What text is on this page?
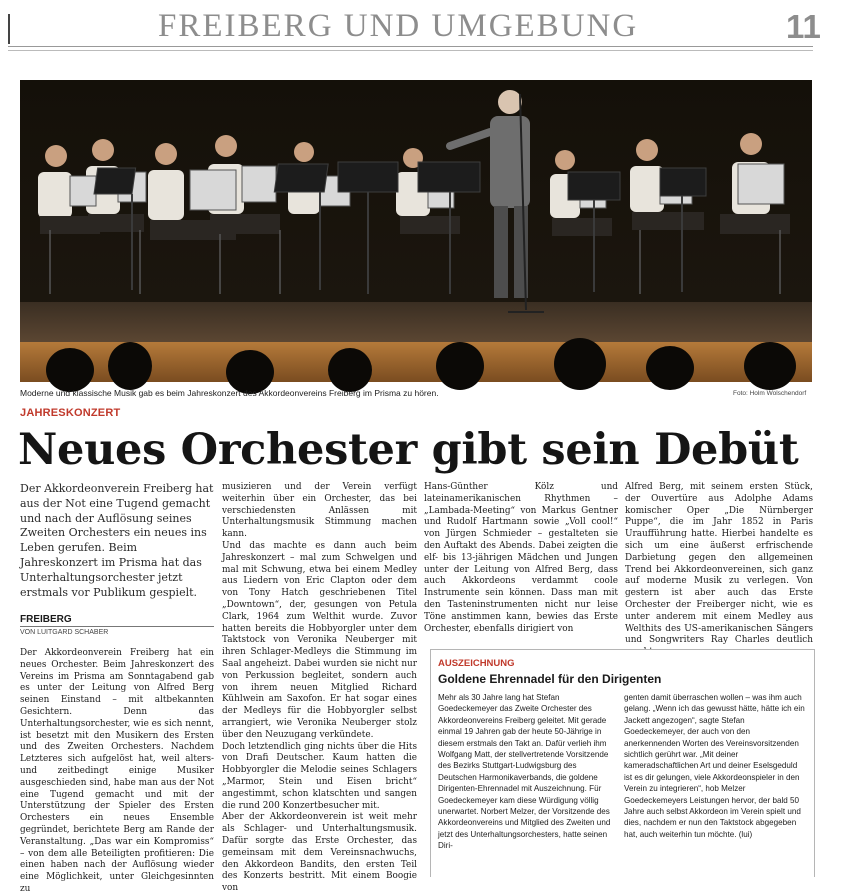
FREIBERG UND UMGEBUNG	11
Moderne und klassische Musik gab es beim Jahreskonzert des Akkordeonvereins Freiberg im Prisma zu hören.	Foto: Holm Wolschendorf
JAHRESKONZERT
Neues Orchester gibt sein Debüt

Der Akkordeonverein Freiberg hat aus der Not eine Tugend gemacht und nach der Auflösung seines Zweiten Orchesters ein neues ins Leben gerufen. Beim Jahreskonzert im Prisma hat das Unterhaltungsorchester jetzt erstmals vor Publikum gespielt.

FREIBERG
VON LUITGARD SCHABER

Der Akkordeonverein Freiberg hat ein neues Orchester. Beim Jahreskonzert des Vereins im Prisma am Sonntagabend gab es unter der Leitung von Alfred Berg seinen Einstand – mit altbekannten Gesichtern. Denn das Unterhaltungsorchester, wie es sich nennt, ist besetzt mit den Musikern des Ersten und des Zweiten Orchesters. Nachdem Letzteres sich aufgelöst hat, weil alters- und zeitbedingt einige Musiker ausgeschieden sind, habe man aus der Not eine Tugend gemacht und mit der Unterstützung der Spieler des Ersten Orchesters ein neues Ensemble gegründet, berichtete Berg am Rande der Veranstaltung. „Das war ein Kompromiss“ – von dem alle Beteiligten profitieren: Die einen haben nach der Auflösung wieder eine Möglichkeit, unter Gleichgesinnten zu

musizieren und der Verein verfügt weiterhin über ein Orchester, das bei verschiedensten Anlässen mit Unterhaltungsmusik Stimmung machen kann.
Und das machte es dann auch beim Jahreskonzert – mal zum Schwelgen und mal mit Schwung, etwa bei einem Medley aus Liedern von Eric Clapton oder dem von Tony Hatch geschriebenen Titel „Downtown“, der, gesungen von Petula Clark, 1964 zum Welthit wurde. Zuvor hatten bereits die Hobbyorgler unter dem Taktstock von Veronika Neuberger mit ihren Schlager-Medleys die Stimmung im Saal angeheizt. Dabei wurden sie nicht nur von Perkussion begleitet, sondern auch von ihrem neuen Mitglied Richard Kühlwein am Saxofon. Er hat sogar eines der Medleys für die Hobbyorgler selbst arrangiert, wie Veronika Neuberger stolz über den Neuzugang verkündete.
Doch letztendlich ging nichts über die Hits von Drafi Deutscher. Kaum hatten die Hobbyorgler die Melodie seines Schlagers „Marmor, Stein und Eisen bricht“ angestimmt, schon klatschten und sangen die rund 200 Konzertbesucher mit.
Aber der Akkordeonverein ist weit mehr als Schlager- und Unterhaltungsmusik. Dafür sorgte das Erste Orchester, das gemeinsam mit dem Vereinsnachwuchs, den Akkordeon Bandits, den ersten Teil des Konzerts bestritt. Mit einem Boogie von

Hans-Günther Kölz und lateinamerikanischen Rhythmen – „Lambada-Meeting“ von Markus Gentner und Rudolf Hartmann sowie „Voll cool!“ von Jürgen Schmieder – gestalteten sie den Auftakt des Abends. Dabei zeigten die elf- bis 13-jährigen Mädchen und Jungen unter der Leitung von Alfred Berg, dass auch Akkordeons verdammt coole Instrumente sein können. Dass man mit den Tasteninstrumenten nicht nur leise Töne anstimmen kann, bewies das Erste Orchester, ebenfalls dirigiert von

Alfred Berg, mit seinem ersten Stück, der Ouvertüre aus Adolphe Adams komischer Oper „Die Nürnberger Puppe“, die im Jahr 1852 in Paris Uraufführung hatte. Hierbei handelte es sich um eine äußerst erfrischende Darbietung gegen den allgemeinen Trend bei Akkordeonvereinen, sich ganz auf moderne Musik zu verlegen. Von gestern ist aber auch das Erste Orchester der Freiberger nicht, wie es unter anderem mit einem Medley aus Welthits des US-amerikanischen Sängers und Songwriters Ray Charles deutlich

AUSZEICHNUNG
Goldene Ehrennadel für den Dirigenten

Mehr als 30 Jahre lang hat Stefan Goedeckemeyer das Zweite Orchester des Akkordeonvereins Freiberg geleitet. Mit gerade einmal 19 Jahren gab der heute 50-Jährige in diesem erstmals den Takt an. Dafür verlieh ihm Wolfgang Matt, der stellvertretende Vorsitzende des Bezirks Stuttgart-Ludwigsburg des Deutschen Harmonikaverbands, die goldene Dirigenten-Ehrennadel mit Auszeichnung. Für Goedeckemeyer kam diese Würdigung völlig unerwartet. Norbert Melzer, der Vorsitzende des Akkordeonvereins und Mitglied des Zweiten und jetzt des Unterhaltungsorchesters, hatte seinen Diri-

genten damit überraschen wollen – was ihm auch gelang. „Wenn ich das gewusst hätte, hätte ich ein Jackett angezogen“, sagte Stefan Goedeckemeyer, der auch von den anerkennenden Worten des Vereinsvorsitzenden sichtlich gerührt war. „Mit deiner kameradschaftlichen Art und deiner Eselsgeduld ist es dir gelungen, viele Akkordeonspieler in den Verein zu integrieren“, hob Melzer Goedeckemeyers Leistungen hervor, der bald 50 Jahre auch selbst Akkordeon im Verein spielt und dies, nachdem er nun den Taktstock abgegeben hat, auch weiterhin tun möchte. (lui)
